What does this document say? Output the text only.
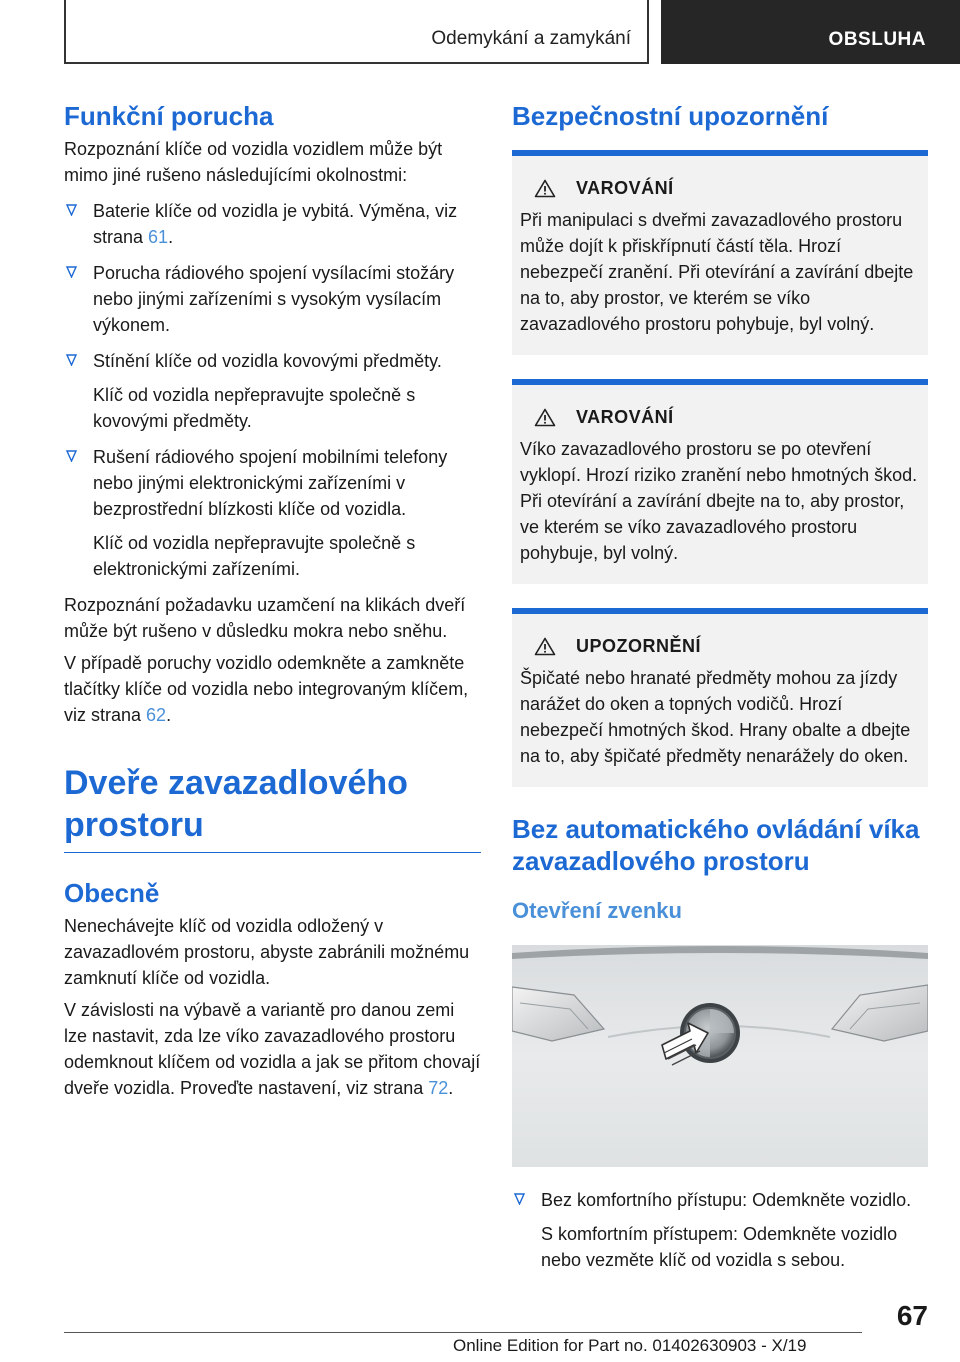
Odemykání a zamykání	OBSLUHA
Funkční porucha

Rozpoznání klíče od vozidla vozidlem může být mimo jiné rušeno následujícími okolnostmi:

Baterie klíče od vozidla je vybitá. Výměna, viz strana 61.

Porucha rádiového spojení vysílacími stožáry nebo jinými zařízeními s vysokým vysílacím výkonem.

Stínění klíče od vozidla kovovými předměty.

Klíč od vozidla nepřepravujte společně s kovovými předměty.

Rušení rádiového spojení mobilními telefony nebo jinými elektronickými zařízeními v bezprostřední blízkosti klíče od vozidla.

Klíč od vozidla nepřepravujte společně s elektronickými zařízeními.

Rozpoznání požadavku uzamčení na klikách dveří může být rušeno v důsledku mokra nebo sněhu.

V případě poruchy vozidlo odemkněte a zamkněte tlačítky klíče od vozidla nebo integrovaným klíčem, viz strana 62.

Dveře zavazadlového prostoru
Obecně

Nenechávejte klíč od vozidla odložený v zavazadlovém prostoru, abyste zabránili možnému zamknutí klíče od vozidla.

V závislosti na výbavě a variantě pro danou zemi lze nastavit, zda lze víko zavazadlového prostoru odemknout klíčem od vozidla a jak se přitom chovají dveře vozidla. Proveďte nastavení, viz strana 72.

Bezpečnostní upozornění
VAROVÁNÍ

Při manipulaci s dveřmi zavazadlového prostoru může dojít k přiskřípnutí částí těla. Hrozí nebezpečí zranění. Při otevírání a zavírání dbejte na to, aby prostor, ve kterém se víko zavazadlového prostoru pohybuje, byl volný.

VAROVÁNÍ

Víko zavazadlového prostoru se po otevření vyklopí. Hrozí riziko zranění nebo hmotných škod. Při otevírání a zavírání dbejte na to, aby prostor, ve kterém se víko zavazadlového prostoru pohybuje, byl volný.

UPOZORNĚNÍ

Špičaté nebo hranaté předměty mohou za jízdy narážet do oken a topných vodičů. Hrozí nebezpečí hmotných škod. Hrany obalte a dbejte na to, aby špičaté předměty nenarážely do oken.

Bez automatického ovládání víka zavazadlového prostoru
Otevření zvenku

Bez komfortního přístupu: Odemkněte vozidlo.

S komfortním přístupem: Odemkněte vozidlo nebo vezměte klíč od vozidla s sebou.

67
Online Edition for Part no. 01402630903 - X/19
